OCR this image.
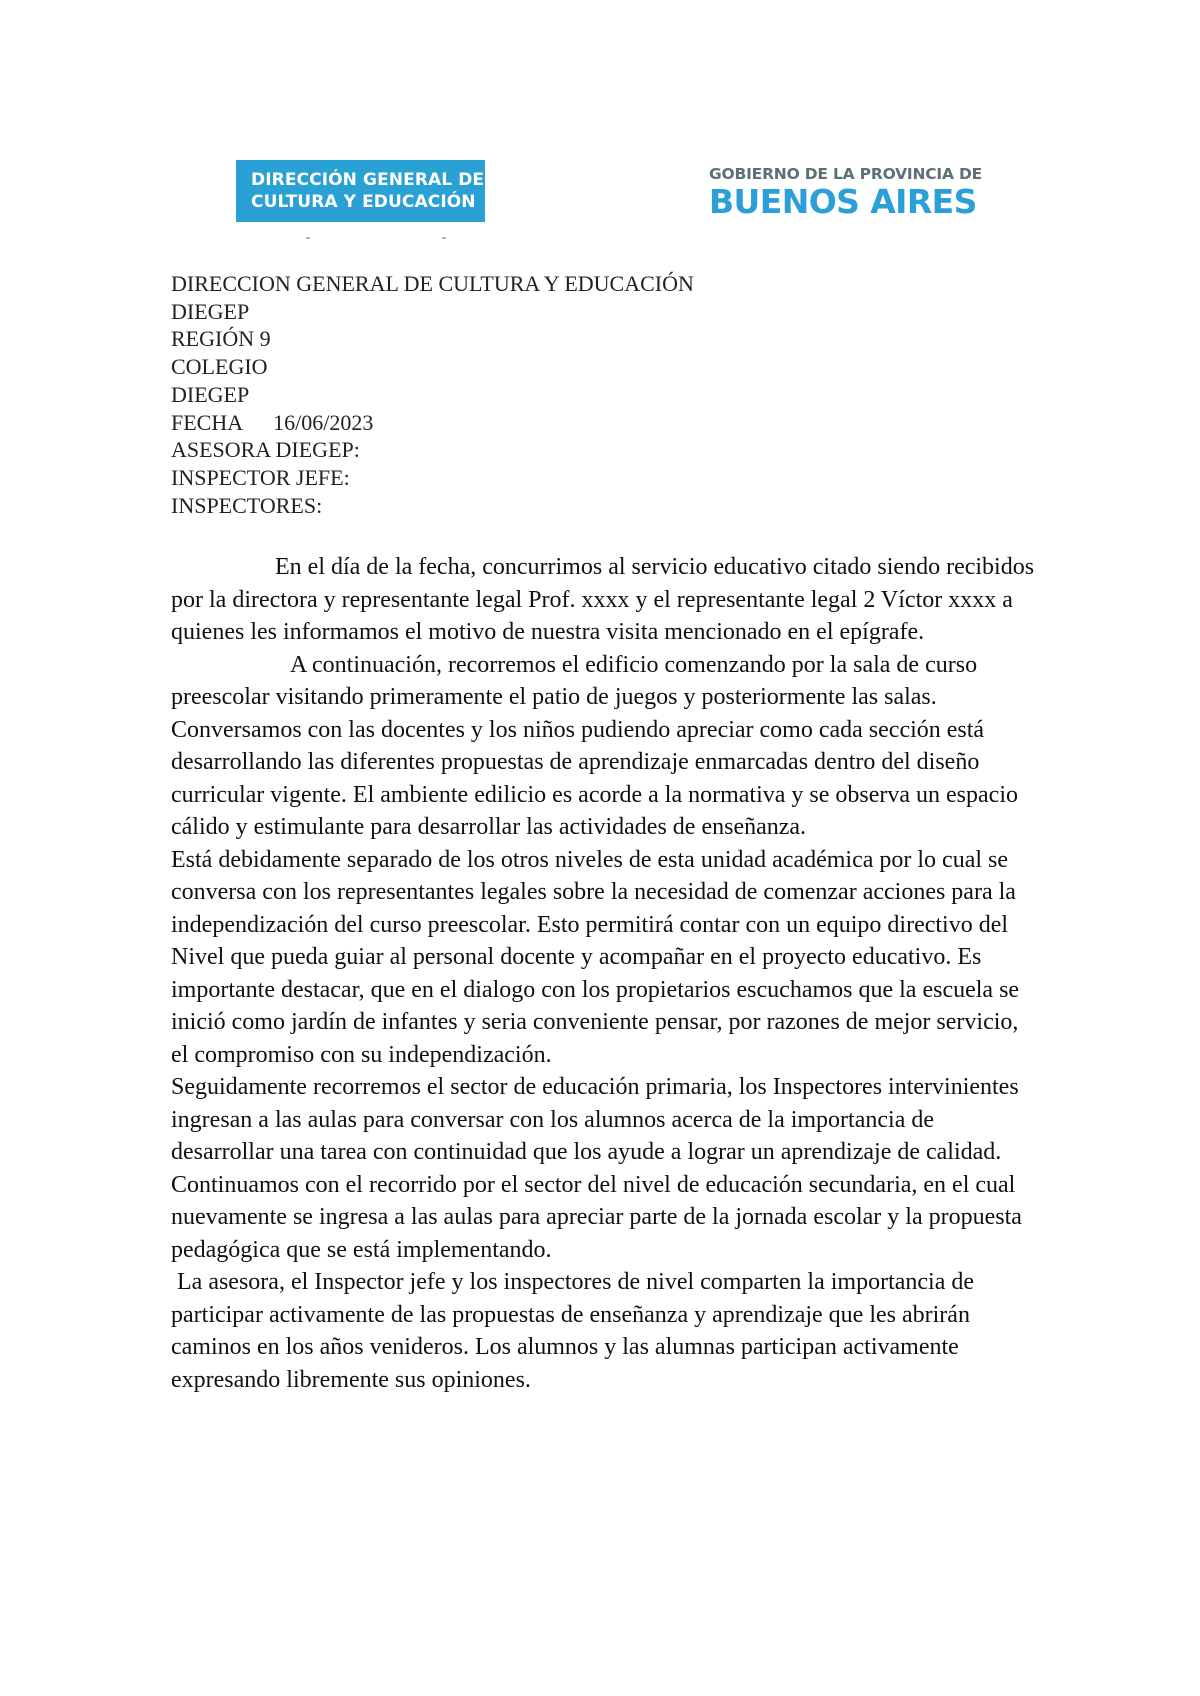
DIRECCIÓN GENERAL DE
CULTURA Y EDUCACIÓN
GOBIERNO DE LA PROVINCIA DE
BUENOS AIRES
DIRECCION GENERAL DE CULTURA Y EDUCACIÓN
DIEGEP
REGIÓN 9
COLEGIO
DIEGEP
FECHA 16/06/2023
ASESORA DIEGEP:
INSPECTOR JEFE:
INSPECTORES:

En el día de la fecha, concurrimos al servicio educativo citado siendo recibidos por la directora y representante legal Prof. xxxx y el representante legal 2 Víctor xxxx a quienes les informamos el motivo de nuestra visita mencionado en el epígrafe.

A continuación, recorremos el edificio comenzando por la sala de curso preescolar visitando primeramente el patio de juegos y posteriormente las salas. Conversamos con las docentes y los niños pudiendo apreciar como cada sección está desarrollando las diferentes propuestas de aprendizaje enmarcadas dentro del diseño curricular vigente. El ambiente edilicio es acorde a la normativa y se observa un espacio cálido y estimulante para desarrollar las actividades de enseñanza.

Está debidamente separado de los otros niveles de esta unidad académica por lo cual se conversa con los representantes legales sobre la necesidad de comenzar acciones para la independización del curso preescolar. Esto permitirá contar con un equipo directivo del Nivel que pueda guiar al personal docente y acompañar en el proyecto educativo. Es importante destacar, que en el dialogo con los propietarios escuchamos que la escuela se inició como jardín de infantes y seria conveniente pensar, por razones de mejor servicio, el compromiso con su independización.

Seguidamente recorremos el sector de educación primaria, los Inspectores intervinientes ingresan a las aulas para conversar con los alumnos acerca de la importancia de desarrollar una tarea con continuidad que los ayude a lograr un aprendizaje de calidad.

Continuamos con el recorrido por el sector del nivel de educación secundaria, en el cual nuevamente se ingresa a las aulas para apreciar parte de la jornada escolar y la propuesta pedagógica que se está implementando.

La asesora, el Inspector jefe y los inspectores de nivel comparten la importancia de participar activamente de las propuestas de enseñanza y aprendizaje que les abrirán caminos en los años venideros. Los alumnos y las alumnas participan activamente expresando libremente sus opiniones.
